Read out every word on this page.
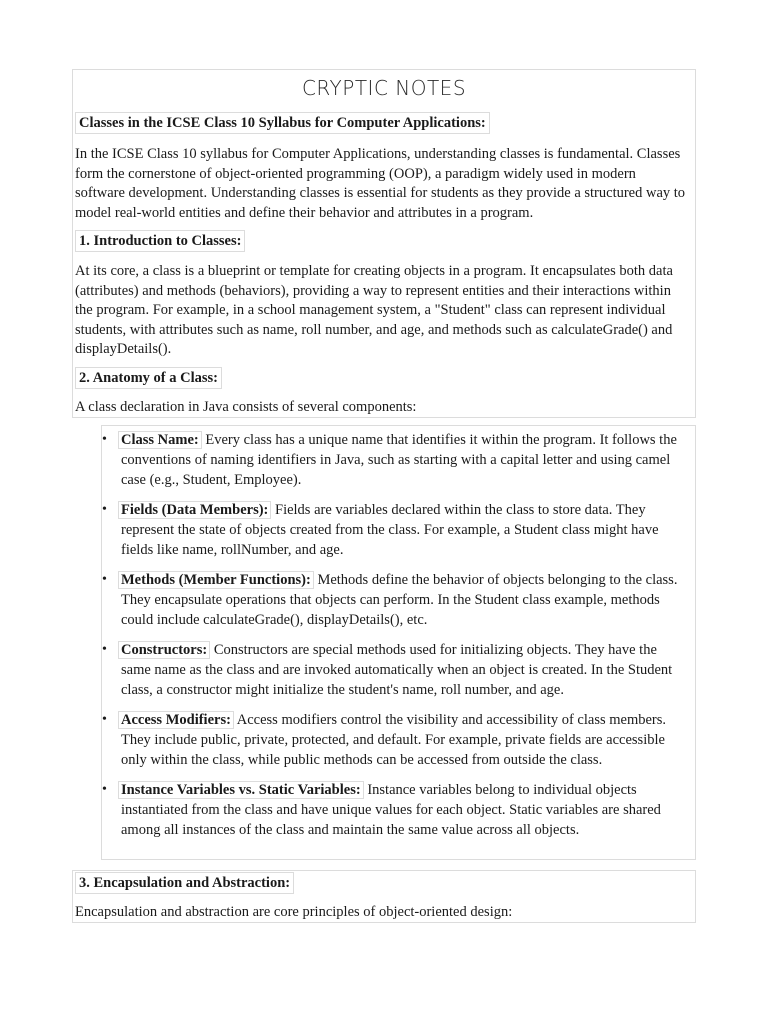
CRYPTIC NOTES
Classes in the ICSE Class 10 Syllabus for Computer Applications:
In the ICSE Class 10 syllabus for Computer Applications, understanding classes is fundamental. Classes form the cornerstone of object-oriented programming (OOP), a paradigm widely used in modern software development. Understanding classes is essential for students as they provide a structured way to model real-world entities and define their behavior and attributes in a program.
1. Introduction to Classes:
At its core, a class is a blueprint or template for creating objects in a program. It encapsulates both data (attributes) and methods (behaviors), providing a way to represent entities and their interactions within the program. For example, in a school management system, a "Student" class can represent individual students, with attributes such as name, roll number, and age, and methods such as calculateGrade() and displayDetails().
2. Anatomy of a Class:
A class declaration in Java consists of several components:
• Class Name: Every class has a unique name that identifies it within the program. It follows the conventions of naming identifiers in Java, such as starting with a capital letter and using camel case (e.g., Student, Employee).
• Fields (Data Members): Fields are variables declared within the class to store data. They represent the state of objects created from the class. For example, a Student class might have fields like name, rollNumber, and age.
• Methods (Member Functions): Methods define the behavior of objects belonging to the class. They encapsulate operations that objects can perform. In the Student class example, methods could include calculateGrade(), displayDetails(), etc.
• Constructors: Constructors are special methods used for initializing objects. They have the same name as the class and are invoked automatically when an object is created. In the Student class, a constructor might initialize the student's name, roll number, and age.
• Access Modifiers: Access modifiers control the visibility and accessibility of class members. They include public, private, protected, and default. For example, private fields are accessible only within the class, while public methods can be accessed from outside the class.
• Instance Variables vs. Static Variables: Instance variables belong to individual objects instantiated from the class and have unique values for each object. Static variables are shared among all instances of the class and maintain the same value across all objects.
3. Encapsulation and Abstraction:
Encapsulation and abstraction are core principles of object-oriented design:
